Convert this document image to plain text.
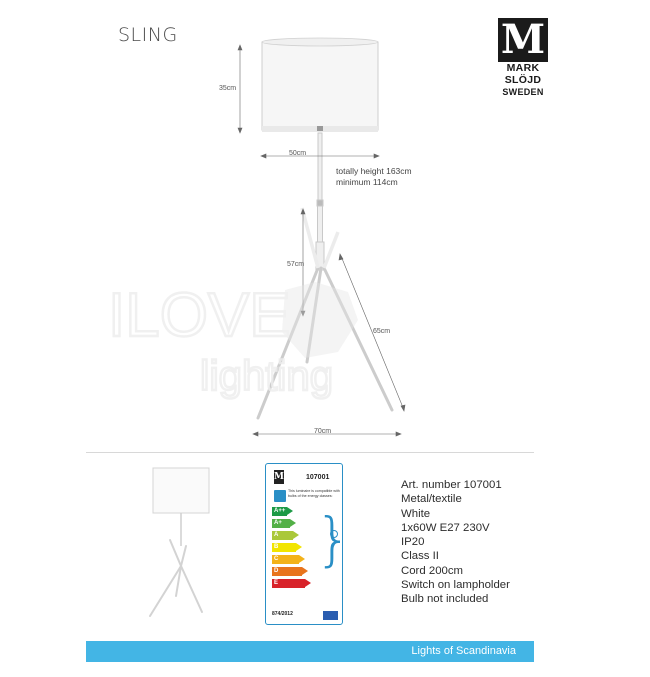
SLING	M
MARK
SLÖJD
SWEDEN
35cm
50cm
57cm
65cm
70cm
totally height 163cm
minimum 114cm
ILOVE
lighting
M	107001
This luminaire is compatible with bulbs of the energy classes:
A++
A+
A
B
C
D
E
}
874/2012
Art. number 107001
Metal/textile
White
1x60W E27 230V
IP20
Class II
Cord 200cm
Switch on lampholder
Bulb not included
Lights of Scandinavia
